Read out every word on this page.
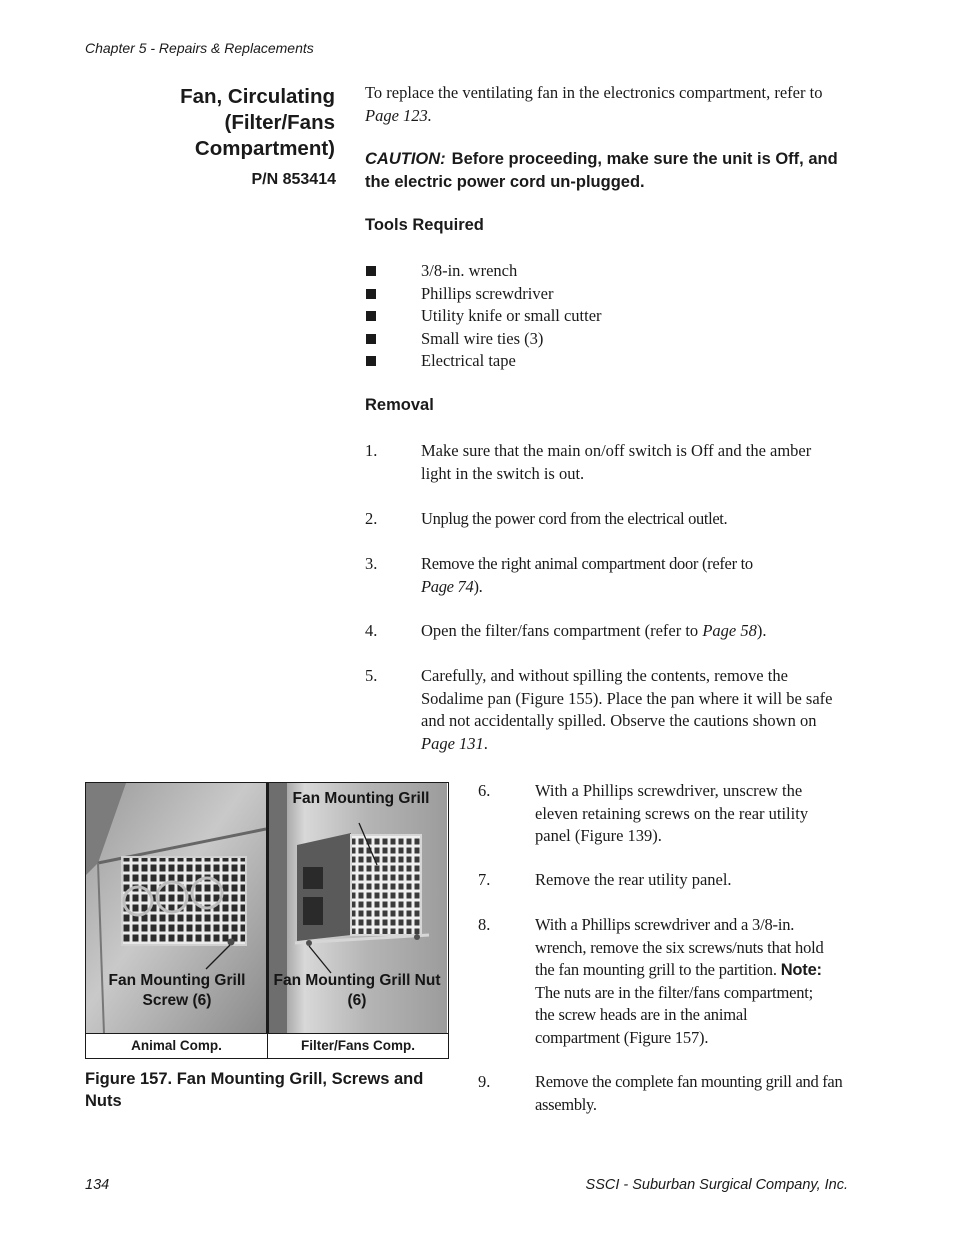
Chapter 5 - Repairs & Replacements
Fan, Circulating
(Filter/Fans
Compartment)
P/N 853414
To replace the ventilating fan in the electronics compartment, refer to Page 123.
CAUTION: Before proceeding, make sure the unit is Off, and the electric power cord un-plugged.
Tools Required
3/8-in. wrench
Phillips screwdriver
Utility knife or small cutter
Small wire ties (3)
Electrical tape
Removal
1.	Make sure that the main on/off switch is Off and the amber light in the switch is out.
2.	Unplug the power cord from the electrical outlet.
3.	Remove the right animal compartment door (refer to Page 74).
4.	Open the filter/fans compartment (refer to Page 58).
5.	Carefully, and without spilling the contents, remove the Sodalime pan (Figure 155). Place the pan where it will be safe and not accidentally spilled. Observe the cautions shown on Page 131.
6.	With a Phillips screwdriver, unscrew the eleven retaining screws on the rear utility panel (Figure 139).
7.	Remove the rear utility panel.
8.	With a Phillips screwdriver and a 3/8-in. wrench, remove the six screws/nuts that hold the fan mounting grill to the partition. Note:  The nuts are in the filter/fans compartment; the screw heads are in the animal compartment (Figure 157).
9.	Remove the complete fan mounting grill and fan assembly.
Fan Mounting Grill
Fan Mounting Grill Screw (6)
Fan Mounting Grill Nut (6)
Animal Comp.	Filter/Fans Comp.
Figure 157. Fan Mounting Grill, Screws and Nuts
134	SSCI - Suburban Surgical Company, Inc.
